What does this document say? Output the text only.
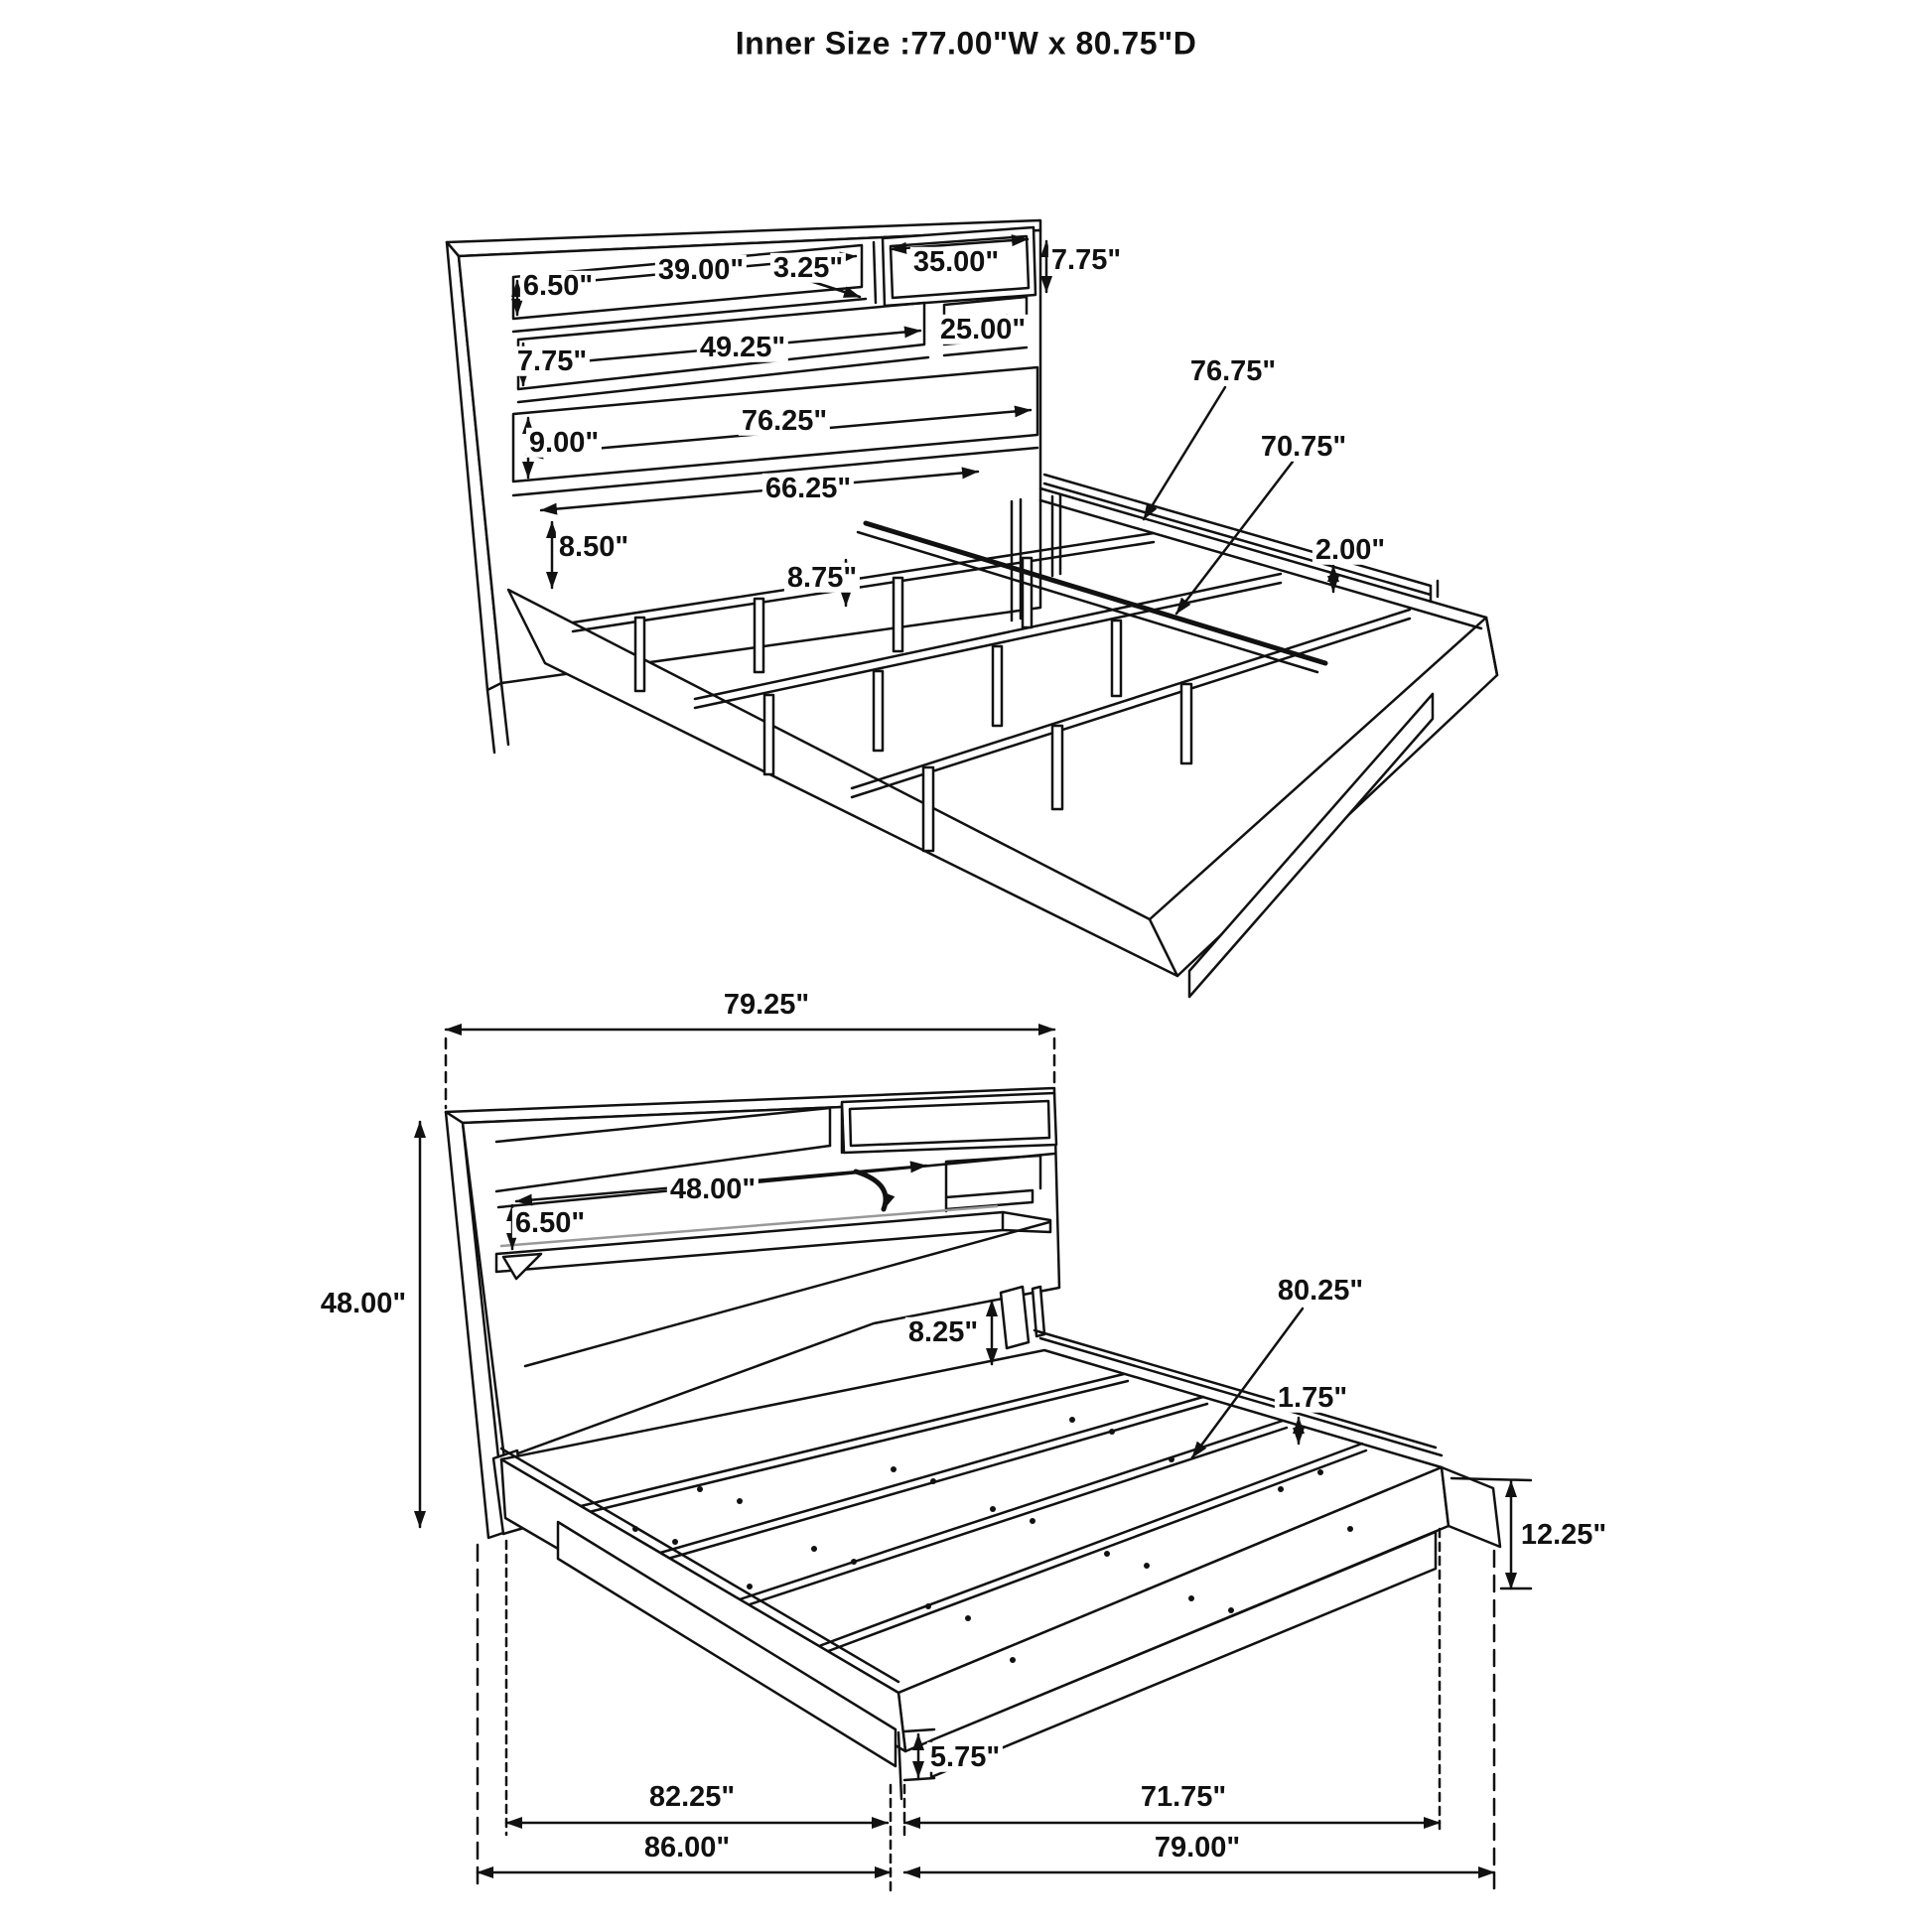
Inner Size :77.00"W x 80.75"D
6.50" 39.00" 3.25" 35.00" 7.75"
7.75"	49.25"
25.00"
9.00"
76.25"
66.25"
8.50"
8.75"
76.75"
70.75"
2.00"
79.25"
48.00"
48.00"
6.50"
8.25"
80.25"
1.75"
12.25"
5.75"
82.25"	71.75"
86.00"	79.00"
